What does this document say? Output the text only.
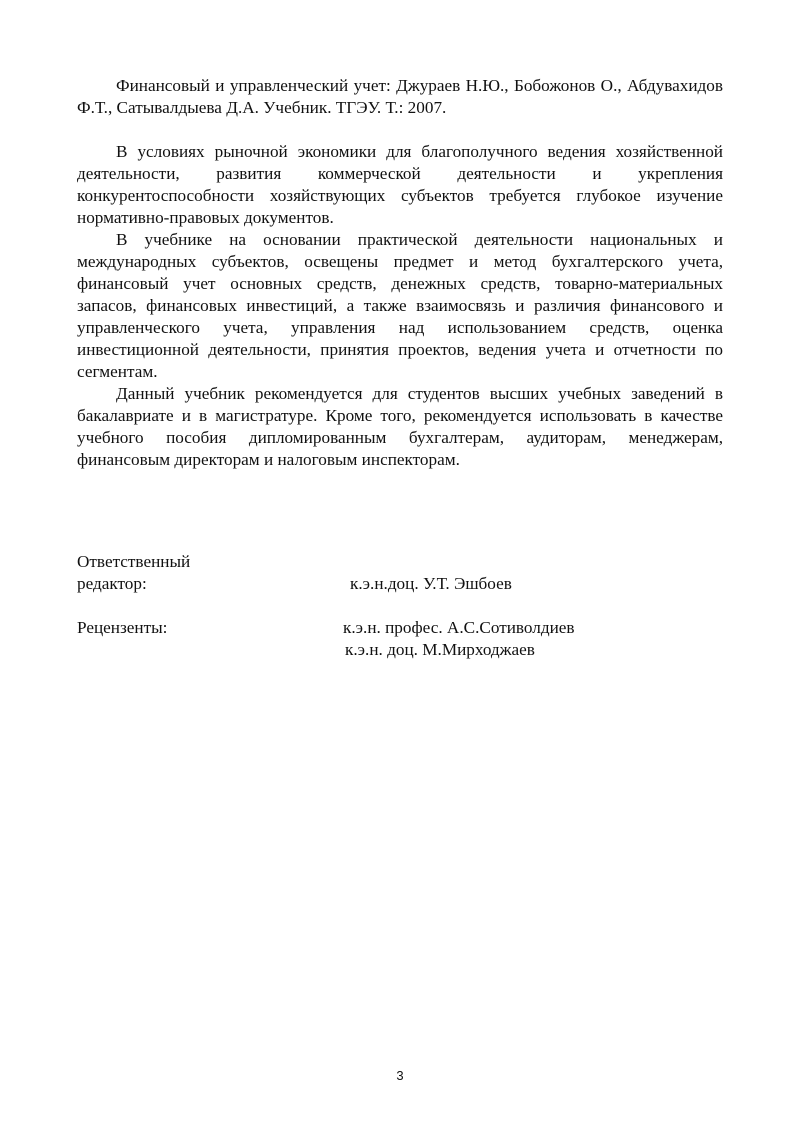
Финансовый и управленческий учет: Джураев Н.Ю., Бобожонов О., Абдувахидов Ф.Т., Сатывалдыева Д.А. Учебник. ТГЭУ. Т.: 2007.

В условиях рыночной экономики для благополучного ведения хозяйственной деятельности, развития коммерческой деятельности и укрепления конкурентоспособности хозяйствующих субъектов требуется глубокое изучение нормативно-правовых документов.

В учебнике на основании практической деятельности национальных и международных субъектов, освещены предмет и метод бухгалтерского учета, финансовый учет основных средств, денежных средств, товарно-материальных запасов, финансовых инвестиций, а также взаимосвязь и различия финансового и управленческого учета, управления над использованием средств, оценка инвестиционной деятельности, принятия проектов, ведения учета и отчетности по сегментам.

Данный учебник рекомендуется для студентов высших учебных заведений в бакалавриате и в магистратуре. Кроме того, рекомендуется использовать в качестве учебного пособия дипломированным бухгалтерам, аудиторам, менеджерам, финансовым директорам и налоговым инспекторам.

Ответственный
редактор:	к.э.н.доц. У.Т. Эшбоев
Рецензенты:	к.э.н. профес. А.С.Сотиволдиев
к.э.н. доц. М.Мирходжаев
3
